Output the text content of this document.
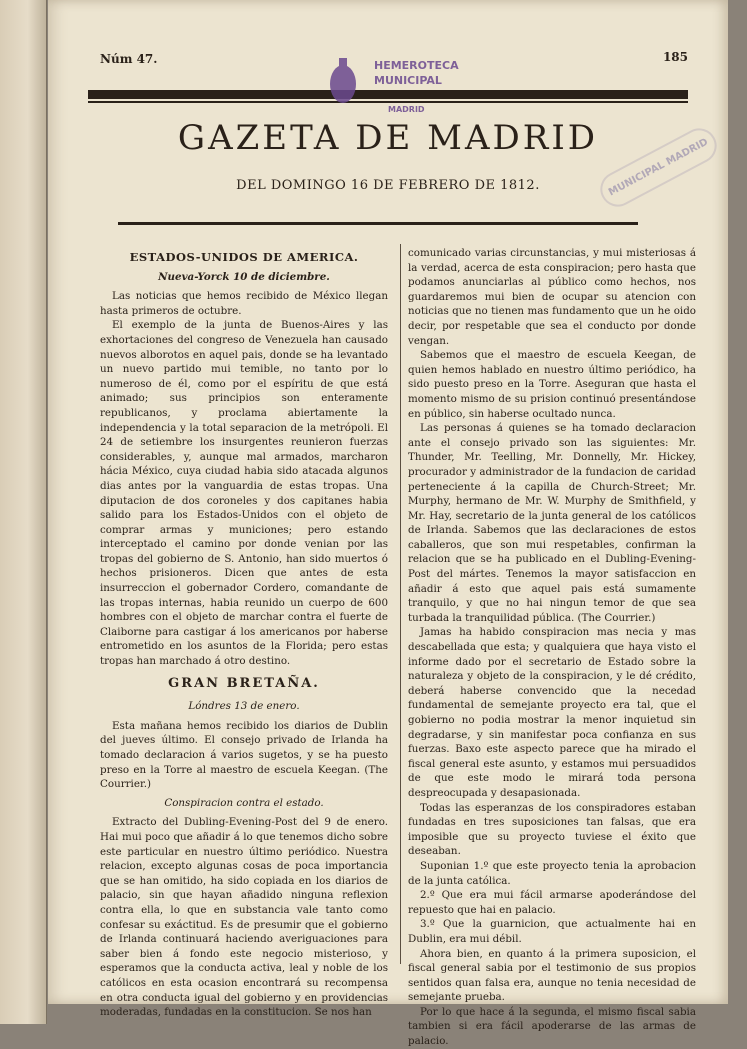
Núm 47.	185
HEMEROTECA
MUNICIPAL
MADRID
MUNICIPAL MADRID
GAZETA DE MADRID
DEL DOMINGO 16 DE FEBRERO DE 1812.

ESTADOS-UNIDOS DE AMERICA.

Nueva-Yorck 10 de diciembre.

Las noticias que hemos recibido de México llegan hasta primeros de octubre.

El exemplo de la junta de Buenos-Aires y las exhortaciones del congreso de Venezuela han causado nuevos alborotos en aquel pais, donde se ha levantado un nuevo partido mui temible, no tanto por lo numeroso de él, como por el espíritu de que está animado; sus principios son enteramente republicanos, y proclama abiertamente la independencia y la total separacion de la metrópoli. El 24 de setiembre los insurgentes reunieron fuerzas considerables, y, aunque mal armados, marcharon hácia México, cuya ciudad habia sido atacada algunos dias antes por la vanguardia de estas tropas. Una diputacion de dos coroneles y dos capitanes habia salido para los Estados-Unidos con el objeto de comprar armas y municiones; pero estando interceptado el camino por donde venian por las tropas del gobierno de S. Antonio, han sido muertos ó hechos prisioneros. Dicen que antes de esta insurreccion el gobernador Cordero, comandante de las tropas internas, habia reunido un cuerpo de 600 hombres con el objeto de marchar contra el fuerte de Claiborne para castigar á los americanos por haberse entrometido en los asuntos de la Florida; pero estas tropas han marchado á otro destino.

GRAN BRETAÑA.

Lóndres 13 de enero.

Esta mañana hemos recibido los diarios de Dublin del jueves último. El consejo privado de Irlanda ha tomado declaracion á varios sugetos, y se ha puesto preso en la Torre al maestro de escuela Keegan. (The Courrier.)

Conspiracion contra el estado.

Extracto del Dubling-Evening-Post del 9 de enero. Hai mui poco que añadir á lo que tenemos dicho sobre este particular en nuestro último periódico. Nuestra relacion, excepto algunas cosas de poca importancia que se han omitido, ha sido copiada en los diarios de palacio, sin que hayan añadido ninguna reflexion contra ella, lo que en substancia vale tanto como confesar su exáctitud. Es de presumir que el gobierno de Irlanda continuará haciendo averiguaciones para saber bien á fondo este negocio misterioso, y esperamos que la conducta activa, leal y noble de los católicos en esta ocasion encontrará su recompensa en otra conducta igual del gobierno y en providencias moderadas, fundadas en la constitucion. Se nos han

comunicado varias circunstancias, y mui misteriosas á la verdad, acerca de esta conspiracion; pero hasta que podamos anunciarlas al público como hechos, nos guardaremos mui bien de ocupar su atencion con noticias que no tienen mas fundamento que un he oido decir, por respetable que sea el conducto por donde vengan.

Sabemos que el maestro de escuela Keegan, de quien hemos hablado en nuestro último periódico, ha sido puesto preso en la Torre. Aseguran que hasta el momento mismo de su prision continuó presentándose en público, sin haberse ocultado nunca.

Las personas á quienes se ha tomado declaracion ante el consejo privado son las siguientes: Mr. Thunder, Mr. Teelling, Mr. Donnelly, Mr. Hickey, procurador y administrador de la fundacion de caridad perteneciente á la capilla de Church-Street; Mr. Murphy, hermano de Mr. W. Murphy de Smithfield, y Mr. Hay, secretario de la junta general de los católicos de Irlanda. Sabemos que las declaraciones de estos caballeros, que son mui respetables, confirman la relacion que se ha publicado en el Dubling-Evening-Post del mártes. Tenemos la mayor satisfaccion en añadir á esto que aquel pais está sumamente tranquilo, y que no hai ningun temor de que sea turbada la tranquilidad pública. (The Courrier.)

Jamas ha habido conspiracion mas necia y mas descabellada que esta; y qualquiera que haya visto el informe dado por el secretario de Estado sobre la naturaleza y objeto de la conspiracion, y le dé crédito, deberá haberse convencido que la necedad fundamental de semejante proyecto era tal, que el gobierno no podia mostrar la menor inquietud sin degradarse, y sin manifestar poca confianza en sus fuerzas. Baxo este aspecto parece que ha mirado el fiscal general este asunto, y estamos mui persuadidos de que este modo le mirará toda persona despreocupada y desapasionada.

Todas las esperanzas de los conspiradores estaban fundadas en tres suposiciones tan falsas, que era imposible que su proyecto tuviese el éxito que deseaban.

Suponian 1.º que este proyecto tenia la aprobacion de la junta católica.

2.º Que era mui fácil armarse apoderándose del repuesto que hai en palacio.

3.º Que la guarnicion, que actualmente hai en Dublin, era mui débil.

Ahora bien, en quanto á la primera suposicion, el fiscal general sabia por el testimonio de sus propios sentidos quan falsa era, aunque no tenia necesidad de semejante prueba.

Por lo que hace á la segunda, el mismo fiscal sabia tambien si era fácil apoderarse de las armas de palacio.
